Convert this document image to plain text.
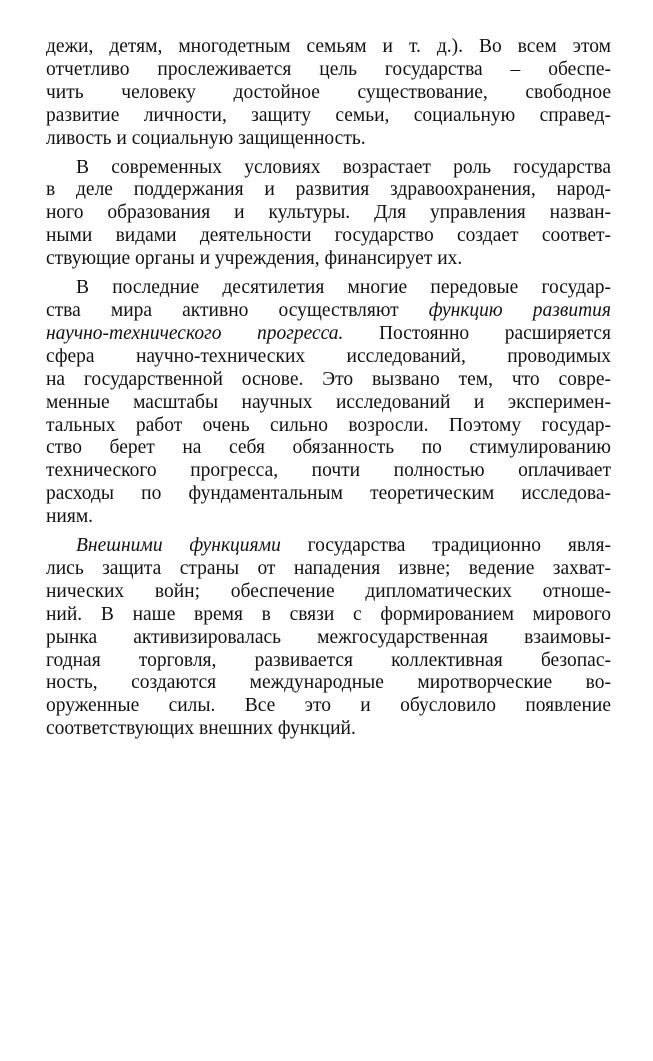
дежи, детям, многодетным семьям и т. д.). Во всем этом
отчетливо прослеживается цель государства – обеспе-
чить человеку достойное существование, свободное
развитие личности, защиту семьи, социальную справед-
ливость и социальную защищенность.

В современных условиях возрастает роль государства
в деле поддержания и развития здравоохранения, народ-
ного образования и культуры. Для управления назван-
ными видами деятельности государство создает соответ-
ствующие органы и учреждения, финансирует их.

В последние десятилетия многие передовые государ-
ства мира активно осуществляют функцию развития
научно-технического прогресса. Постоянно расширяется
сфера научно-технических исследований, проводимых
на государственной основе. Это вызвано тем, что совре-
менные масштабы научных исследований и эксперимен-
тальных работ очень сильно возросли. Поэтому государ-
ство берет на себя обязанность по стимулированию
технического прогресса, почти полностью оплачивает
расходы по фундаментальным теоретическим исследова-
ниям.

Внешними функциями государства традиционно явля-
лись защита страны от нападения извне; ведение захват-
нических войн; обеспечение дипломатических отноше-
ний. В наше время в связи с формированием мирового
рынка активизировалась межгосударственная взаимовы-
годная торговля, развивается коллективная безопас-
ность, создаются международные миротворческие во-
оруженные силы. Все это и обусловило появление
соответствующих внешних функций.
